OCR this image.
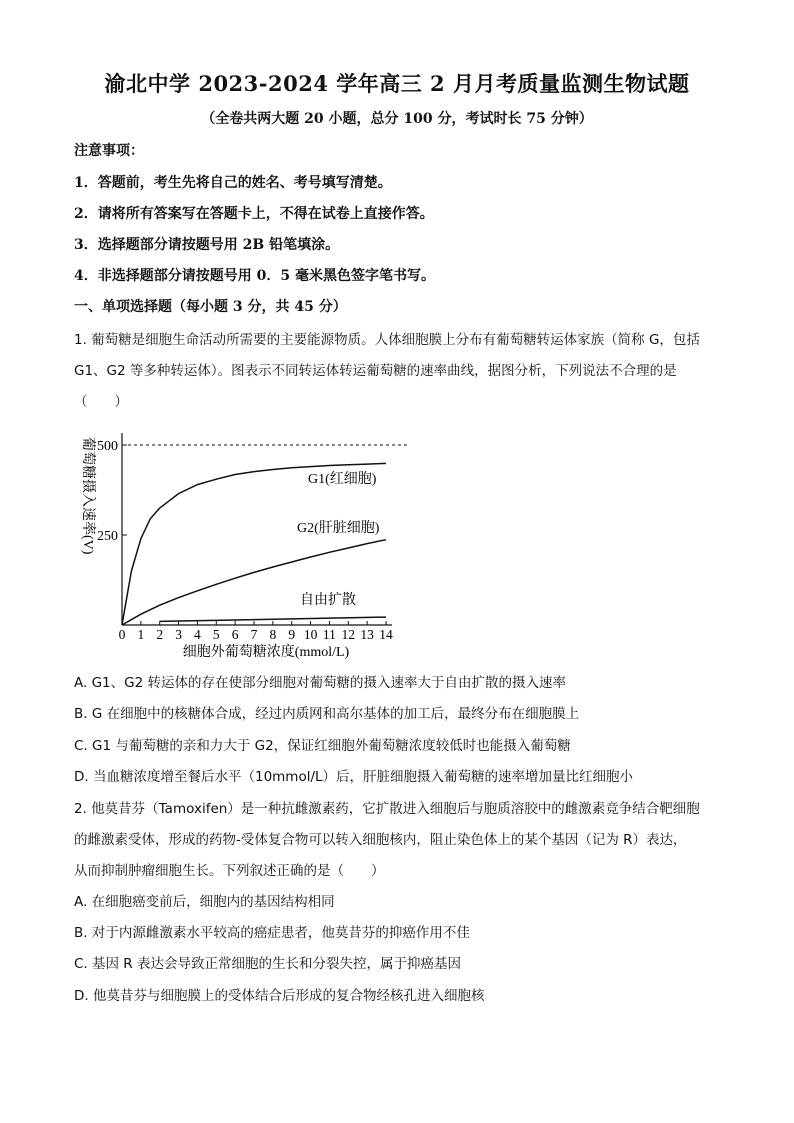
渝北中学 2023-2024 学年高三 2 月月考质量监测生物试题
（全卷共两大题 20 小题，总分 100 分，考试时长 75 分钟）
注意事项：
1．答题前，考生先将自己的姓名、考号填写清楚。
2．请将所有答案写在答题卡上，不得在试卷上直接作答。
3．选择题部分请按题号用 2B 铅笔填涂。
4．非选择题部分请按题号用 0．5 毫米黑色签字笔书写。
一、单项选择题（每小题 3 分，共 45 分）
1. 葡萄糖是细胞生命活动所需要的主要能源物质。人体细胞膜上分布有葡萄糖转运体家族（简称 G，包括
G1、G2 等多种转运体）。图表示不同转运体转运葡萄糖的速率曲线，据图分析，下列说法不合理的是
（　　）
250
500
0 1 2 3 4 5 6 7 8 9 10 11 12 13 14
细胞外葡萄糖浓度(mmol/L)
葡萄糖摄入速率(V)	G1(红细胞)
G2(肝脏细胞)
自由扩散
A. G1、G2 转运体的存在使部分细胞对葡萄糖的摄入速率大于自由扩散的摄入速率
B. G 在细胞中的核糖体合成，经过内质网和高尔基体的加工后，最终分布在细胞膜上
C. G1 与葡萄糖的亲和力大于 G2，保证红细胞外葡萄糖浓度较低时也能摄入葡萄糖
D. 当血糖浓度增至餐后水平（10mmol/L）后，肝脏细胞摄入葡萄糖的速率增加量比红细胞小
2. 他莫昔芬（Tamoxifen）是一种抗雌激素药，它扩散进入细胞后与胞质溶胶中的雌激素竞争结合靶细胞
的雌激素受体，形成的药物-受体复合物可以转入细胞核内，阻止染色体上的某个基因（记为 R）表达，
从而抑制肿瘤细胞生长。下列叙述正确的是（　　）
A. 在细胞癌变前后，细胞内的基因结构相同
B. 对于内源雌激素水平较高的癌症患者，他莫昔芬的抑癌作用不佳
C. 基因 R 表达会导致正常细胞的生长和分裂失控，属于抑癌基因
D. 他莫昔芬与细胞膜上的受体结合后形成的复合物经核孔进入细胞核
